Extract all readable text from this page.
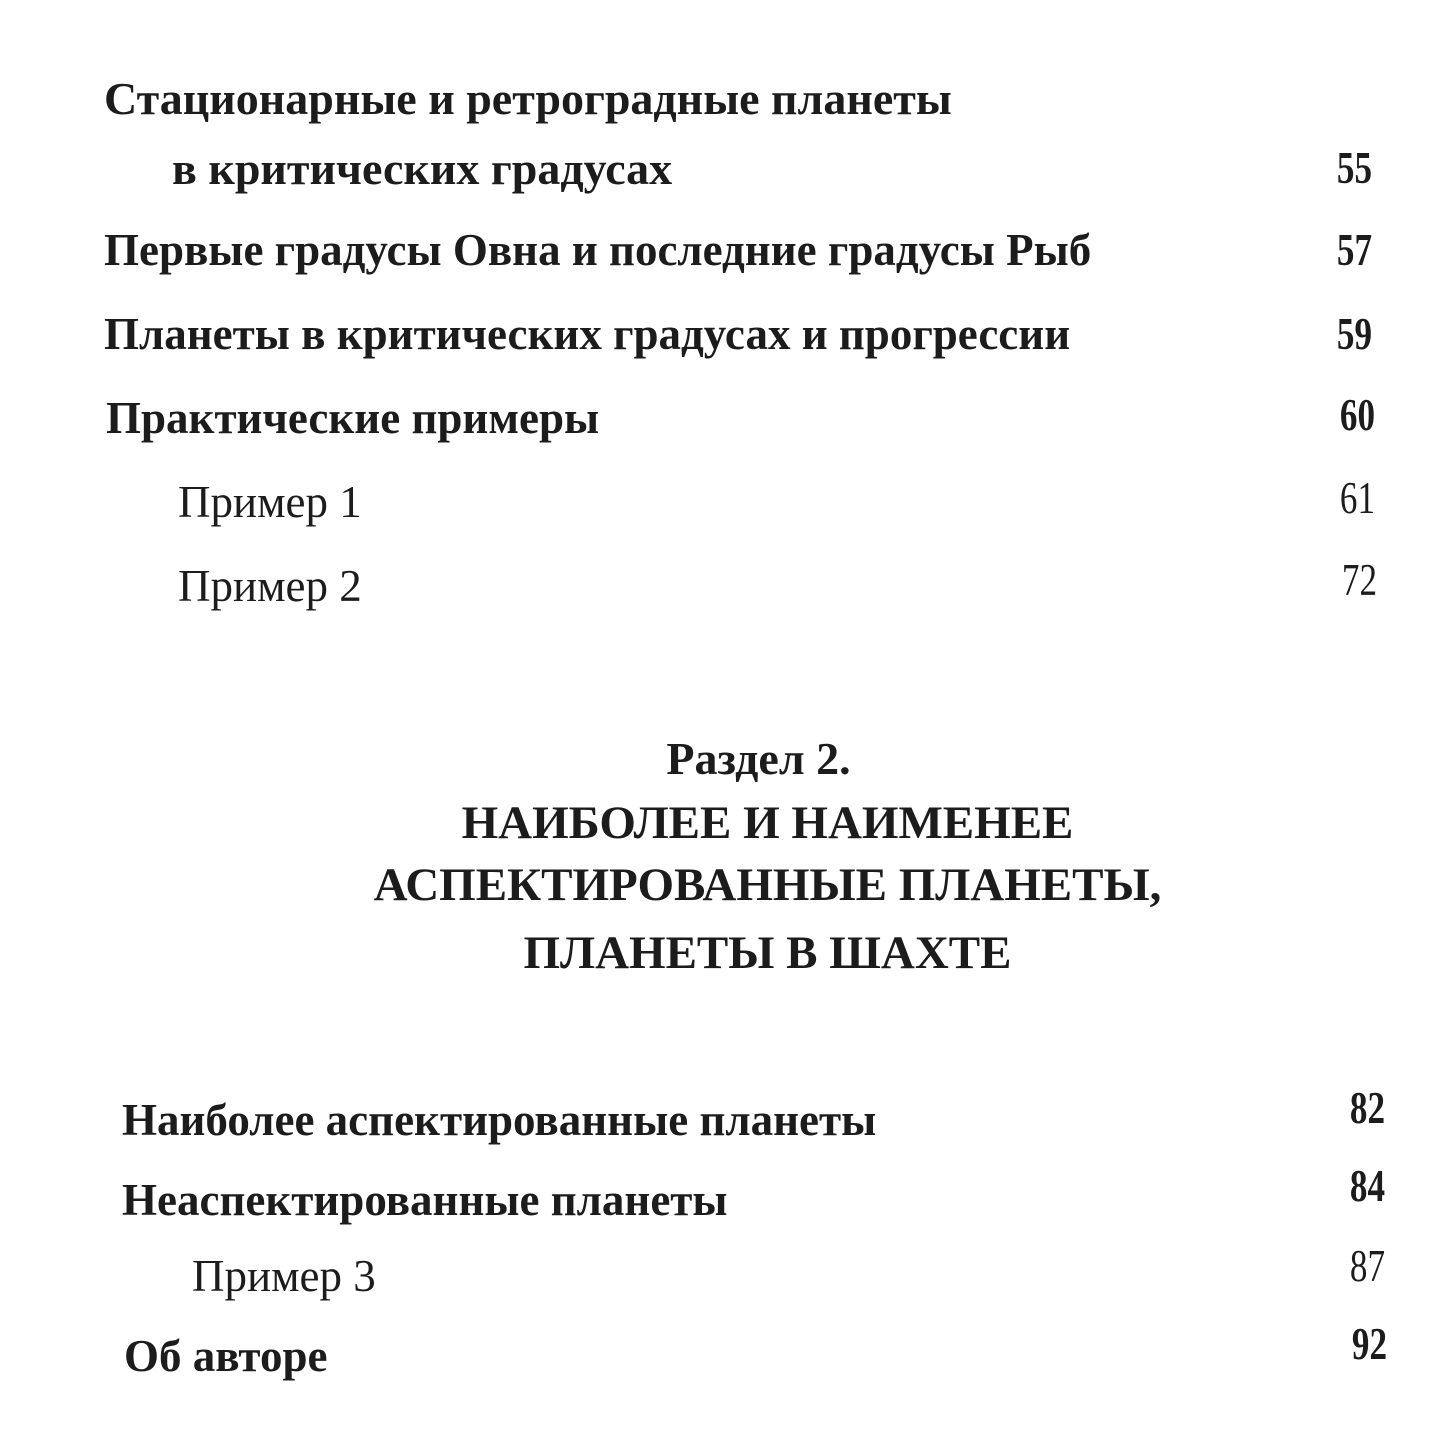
Стационарные и ретроградные планеты
в критических градусах	55
Первые градусы Овна и последние градусы Рыб	57
Планеты в критических градусах и прогрессии	59
Практические примеры	60
Пример 1	61
Пример 2	72
Раздел 2.
НАИБОЛЕЕ И НАИМЕНЕЕ
АСПЕКТИРОВАННЫЕ ПЛАНЕТЫ,
ПЛАНЕТЫ В ШАХТЕ
Наиболее аспектированные планеты	82
Неаспектированные планеты	84
Пример 3	87
Об авторе	92
